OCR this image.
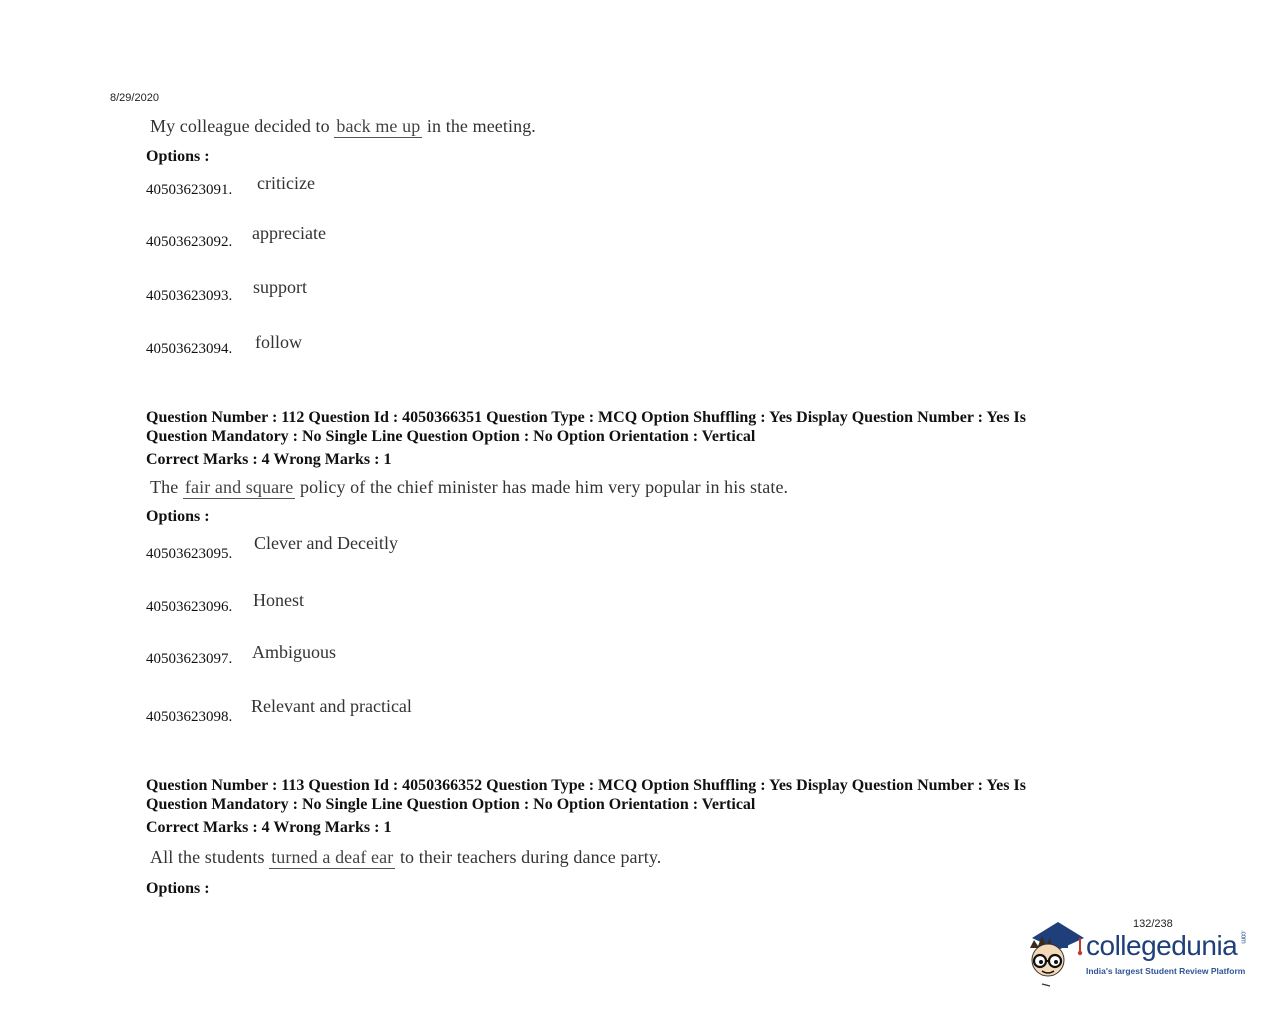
8/29/2020
My colleague decided to back me up in the meeting.
Options :
40503623091. criticize
40503623092. appreciate
40503623093. support
40503623094. follow
Question Number : 112 Question Id : 4050366351 Question Type : MCQ Option Shuffling : Yes Display Question Number : Yes Is
Question Mandatory : No Single Line Question Option : No Option Orientation : Vertical
Correct Marks : 4 Wrong Marks : 1
The fair and square policy of the chief minister has made him very popular in his state.
Options :
40503623095.
Clever and Deceitly
40503623096. Honest
40503623097. Ambiguous
40503623098.
Relevant and practical
Question Number : 113 Question Id : 4050366352 Question Type : MCQ Option Shuffling : Yes Display Question Number : Yes Is
Question Mandatory : No Single Line Question Option : No Option Orientation : Vertical
Correct Marks : 4 Wrong Marks : 1
All the students turned a deaf ear to their teachers during dance party.
Options :
132/238
collegedunia .com
India's largest Student Review Platform
